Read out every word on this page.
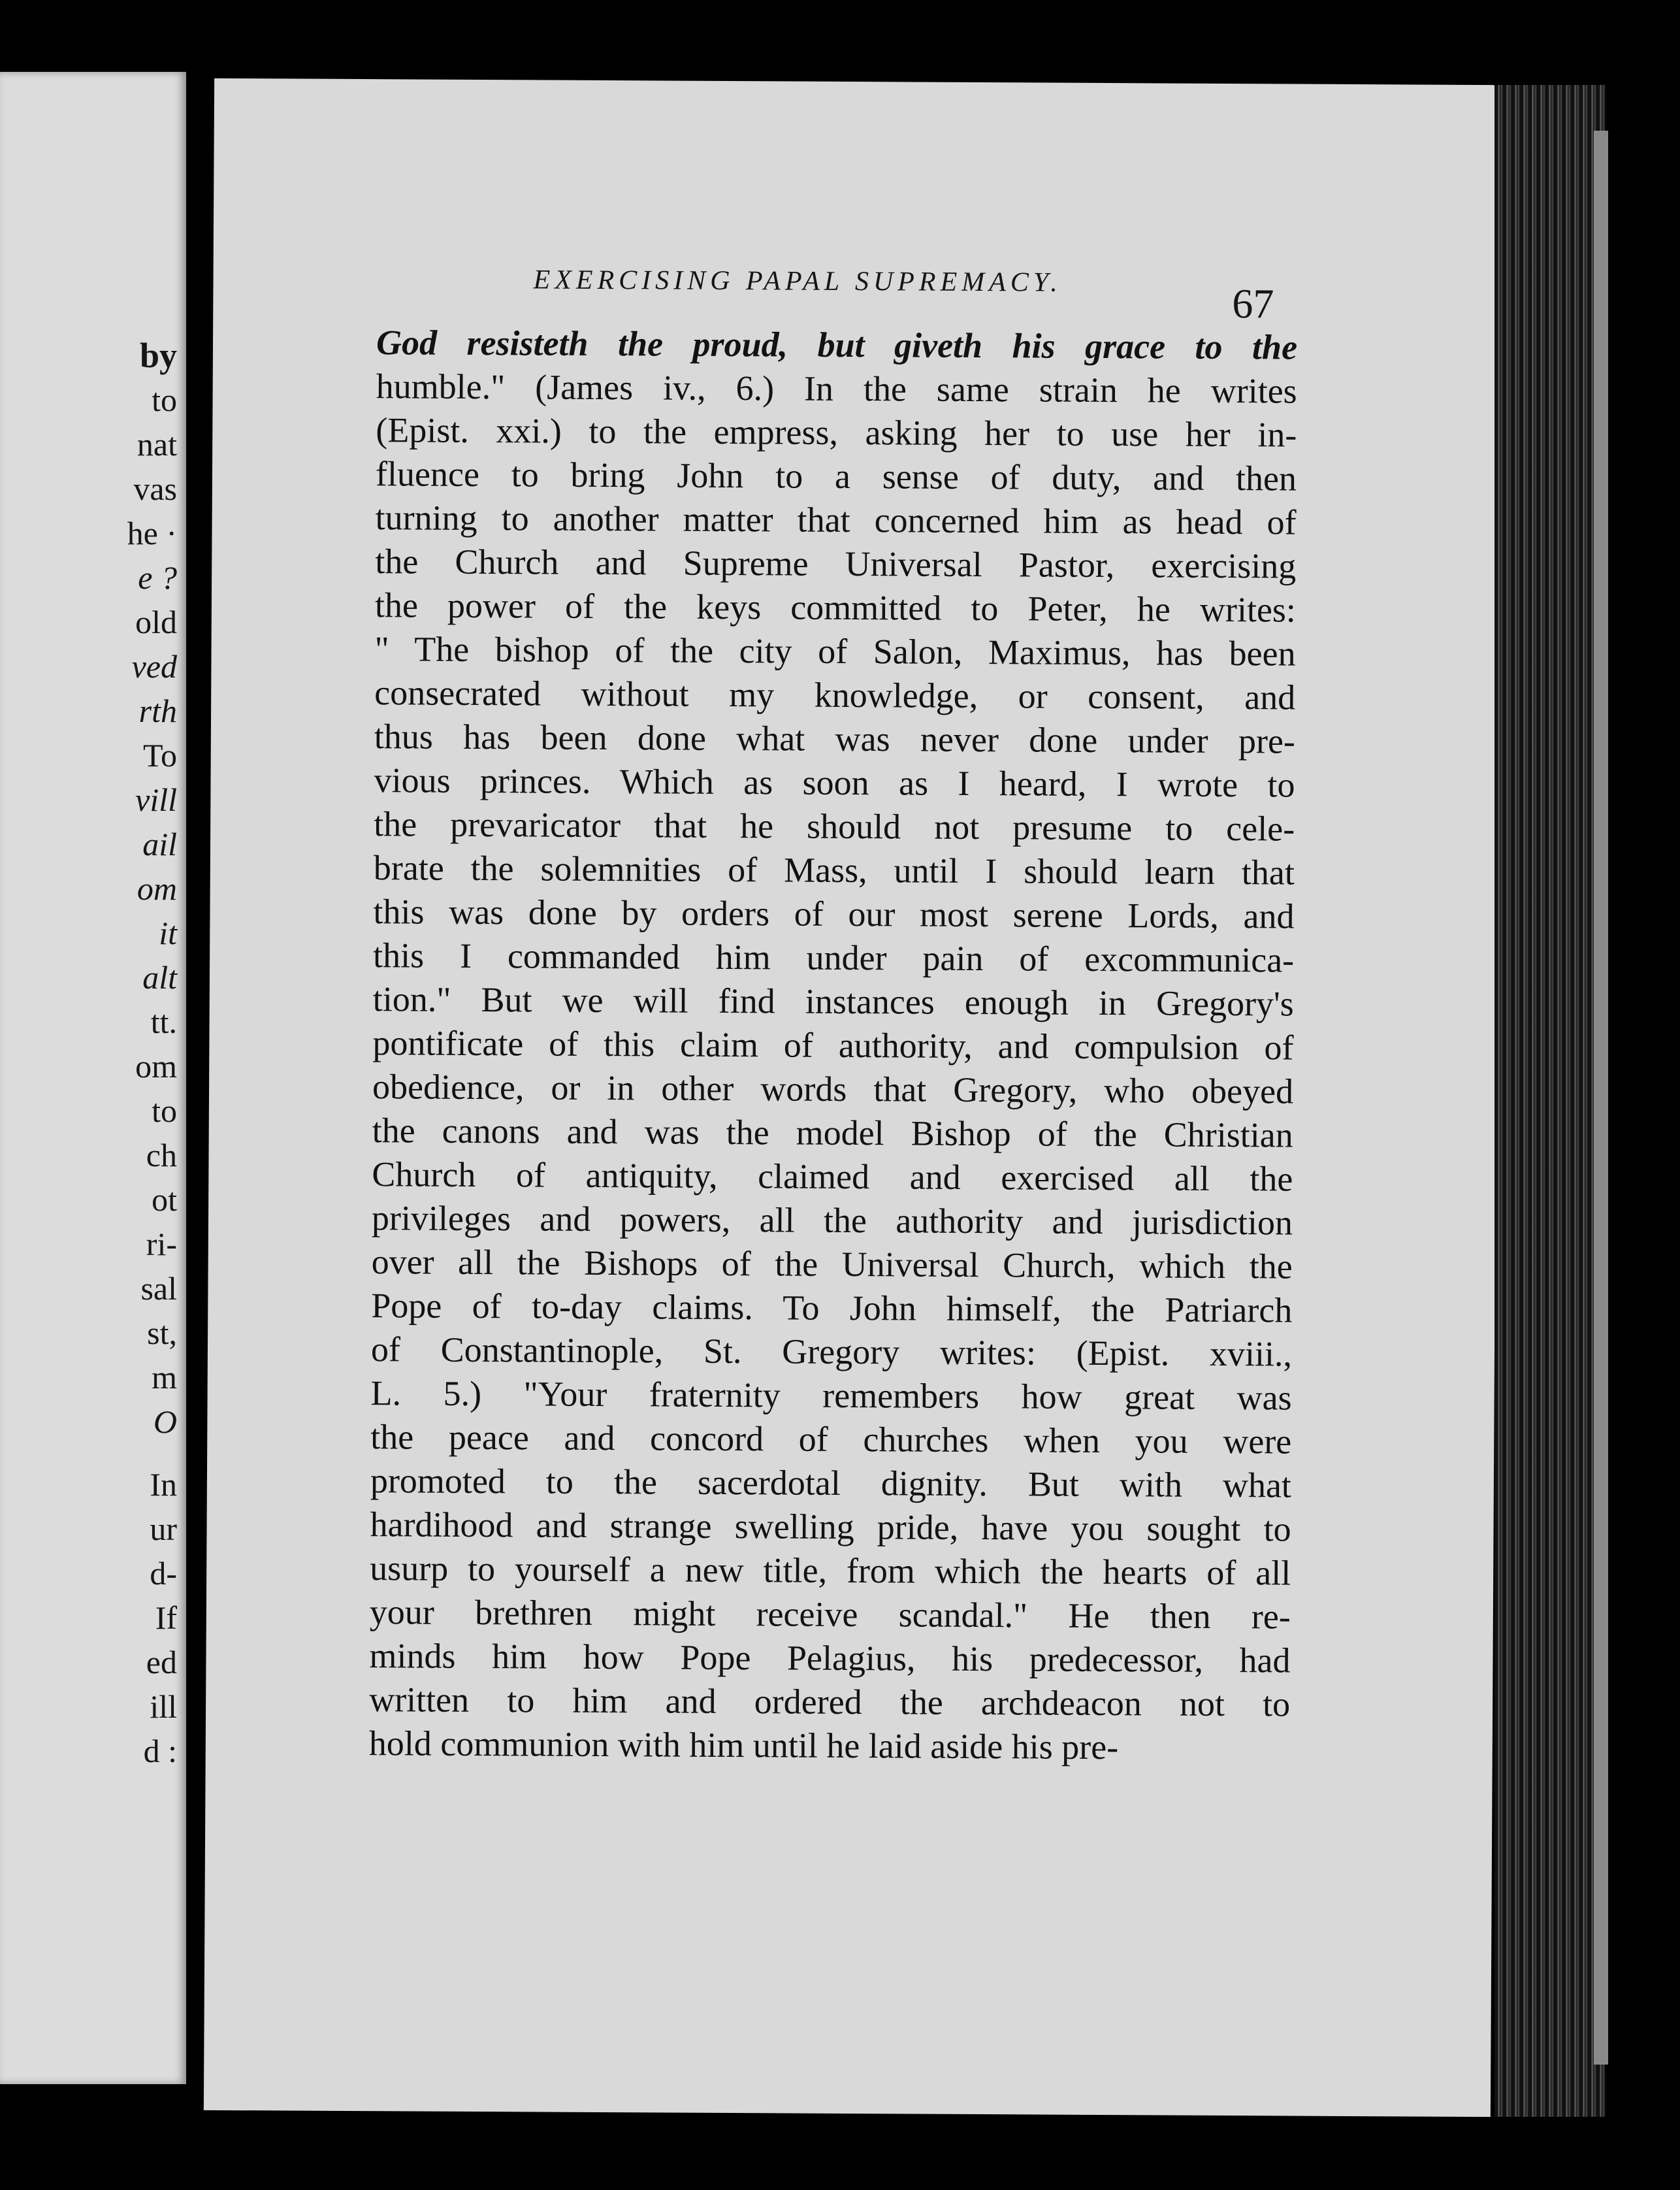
by
to
nat
vas
he ·
e ?
old
ved
rth
To
vill
ail
om
it
alt
tt.
om
to
ch
ot
ri-
sal
st,
m
O
In
ur
d-
If
ed
ill
d :
EXERCISING PAPAL SUPREMACY.	67
God resisteth the proud, but giveth his grace to the
humble." (James iv., 6.) In the same strain he writes
(Epist. xxi.) to the empress, asking her to use her in-
fluence to bring John to a sense of duty, and then
turning to another matter that concerned him as head of
the Church and Supreme Universal Pastor, exercising
the power of the keys committed to Peter, he writes:
" The bishop of the city of Salon, Maximus, has been
consecrated without my knowledge, or consent, and
thus has been done what was never done under pre-
vious princes. Which as soon as I heard, I wrote to
the prevaricator that he should not presume to cele-
brate the solemnities of Mass, until I should learn that
this was done by orders of our most serene Lords, and
this I commanded him under pain of excommunica-
tion." But we will find instances enough in Gregory's
pontificate of this claim of authority, and compulsion of
obedience, or in other words that Gregory, who obeyed
the canons and was the model Bishop of the Christian
Church of antiquity, claimed and exercised all the
privileges and powers, all the authority and jurisdiction
over all the Bishops of the Universal Church, which the
Pope of to-day claims. To John himself, the Patriarch
of Constantinople, St. Gregory writes: (Epist. xviii.,
L. 5.) "Your fraternity remembers how great was
the peace and concord of churches when you were
promoted to the sacerdotal dignity. But with what
hardihood and strange swelling pride, have you sought to
usurp to yourself a new title, from which the hearts of all
your brethren might receive scandal." He then re-
minds him how Pope Pelagius, his predecessor, had
written to him and ordered the archdeacon not to
hold communion with him until he laid aside his pre-
